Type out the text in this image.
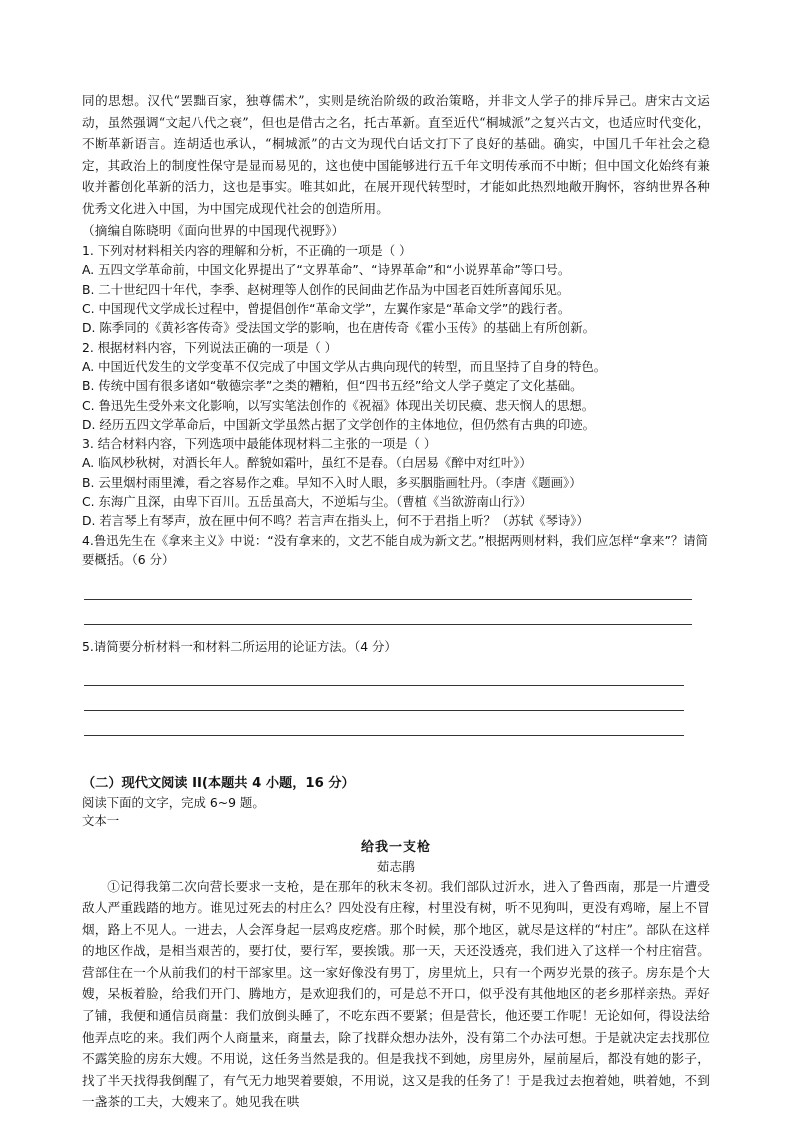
同的思想。汉代“罢黜百家，独尊儒术”，实则是统治阶级的政治策略，并非文人学子的排斥异己。唐宋古文运动，虽然强调“文起八代之衰”，但也是借古之名，托古革新。直至近代“桐城派”之复兴古文，也适应时代变化，不断革新语言。连胡适也承认，“桐城派”的古文为现代白话文打下了良好的基础。确实，中国几千年社会之稳定，其政治上的制度性保守是显而易见的，这也使中国能够进行五千年文明传承而不中断；但中国文化始终有兼收并蓄创化革新的活力，这也是事实。唯其如此，在展开现代转型时，才能如此热烈地敞开胸怀，容纳世界各种优秀文化进入中国，为中国完成现代社会的创造所用。

（摘编自陈晓明《面向世界的中国现代视野》）

1. 下列对材料相关内容的理解和分析，不正确的一项是（ ）

A. 五四文学革命前，中国文化界提出了“文界革命”、“诗界革命”和“小说界革命”等口号。

B. 二十世纪四十年代，李季、赵树理等人创作的民间曲艺作品为中国老百姓所喜闻乐见。

C. 中国现代文学成长过程中，曾提倡创作“革命文学”，左翼作家是“革命文学”的践行者。

D. 陈季同的《黄衫客传奇》受法国文学的影响，也在唐传奇《霍小玉传》的基础上有所创新。

2. 根据材料内容，下列说法正确的一项是（ ）

A. 中国近代发生的文学变革不仅完成了中国文学从古典向现代的转型，而且坚持了自身的特色。

B. 传统中国有很多诸如“敬德宗孝”之类的糟粕，但“四书五经”给文人学子奠定了文化基础。

C. 鲁迅先生受外来文化影响，以写实笔法创作的《祝福》体现出关切民瘼、悲天悯人的思想。

D. 经历五四文学革命后，中国新文学虽然占据了文学创作的主体地位，但仍然有古典的印迹。

3. 结合材料内容，下列选项中最能体现材料二主张的一项是（ ）

A. 临风杪秋树，对酒长年人。醉貌如霜叶，虽红不是春。（白居易《醉中对红叶》）

B. 云里烟村雨里滩，看之容易作之难。早知不入时人眼，多买胭脂画牡丹。（李唐《题画》）

C. 东海广且深，由卑下百川。五岳虽高大，不逆垢与尘。（曹植《当欲游南山行》）

D. 若言琴上有琴声，放在匣中何不鸣？若言声在指头上，何不于君指上听？（苏轼《琴诗》）

4.鲁迅先生在《拿来主义》中说：“没有拿来的，文艺不能自成为新文艺。”根据两则材料，我们应怎样“拿来”？请简要概括。（6 分）

5.请简要分析材料一和材料二所运用的论证方法。（4 分）

（二）现代文阅读 II(本题共 4 小题，16 分）
阅读下面的文字，完成 6~9 题。
文本一
给我一支枪
茹志鹃

①记得我第二次向营长要求一支枪，是在那年的秋末冬初。我们部队过沂水，进入了鲁西南，那是一片遭受敌人严重践踏的地方。谁见过死去的村庄么？四处没有庄稼，村里没有树，听不见狗叫，更没有鸡啼，屋上不冒烟，路上不见人。一进去，人会浑身起一层鸡皮疙瘩。那个时候，那个地区，就尽是这样的“村庄”。部队在这样的地区作战，是相当艰苦的，要打仗，要行军，要挨饿。那一天，天还没透亮，我们进入了这样一个村庄宿营。营部住在一个从前我们的村干部家里。这一家好像没有男丁，房里炕上，只有一个两岁光景的孩子。房东是个大嫂，呆板着脸，给我们开门、腾地方，是欢迎我们的，可是总不开口，似乎没有其他地区的老乡那样亲热。弄好了铺，我便和通信员商量：我们放倒头睡了，不吃东西不要紧；但是营长，他还要工作呢！无论如何，得设法给他弄点吃的来。我们两个人商量来，商量去，除了找群众想办法外，没有第二个办法可想。于是就决定去找那位不露笑脸的房东大嫂。不用说，这任务当然是我的。但是我找不到她，房里房外，屋前屋后，都没有她的影子，找了半天找得我倒醒了，有气无力地哭着要娘，不用说，这又是我的任务了！于是我过去抱着她，哄着她，不到一盏茶的工夫，大嫂来了。她见我在哄
